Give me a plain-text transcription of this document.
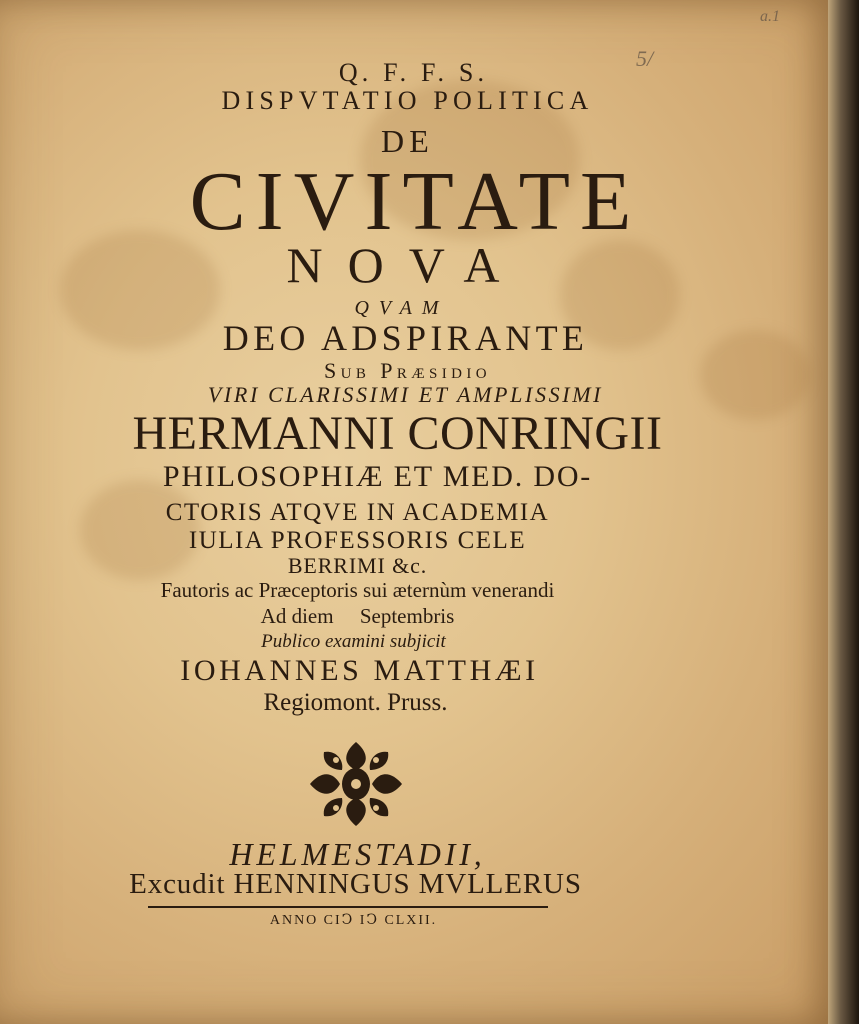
5/
a.1
Q. F. F. S.
DISPVTATIO POLITICA
DE
CIVITATE
NOVA
QVAM
DEO ADSPIRANTE
Sub Præsidio
VIRI CLARISSIMI ET AMPLISSIMI
HERMANNI CONRINGII
PHILOSOPHIÆ ET MED. DO-
CTORIS ATQVE IN ACADEMIA
IULIA PROFESSORIS CELE
BERRIMI &c.
Fautoris ac Præceptoris sui æternùm venerandi
Ad diem     Septembris
Publico examini subjicit
IOHANNES MATTHÆI
Regiomont. Pruss.
HELMESTADII,
Excudit HENNINGUS MVLLERUS
ANNO CIↃ IↃ CLXII.
